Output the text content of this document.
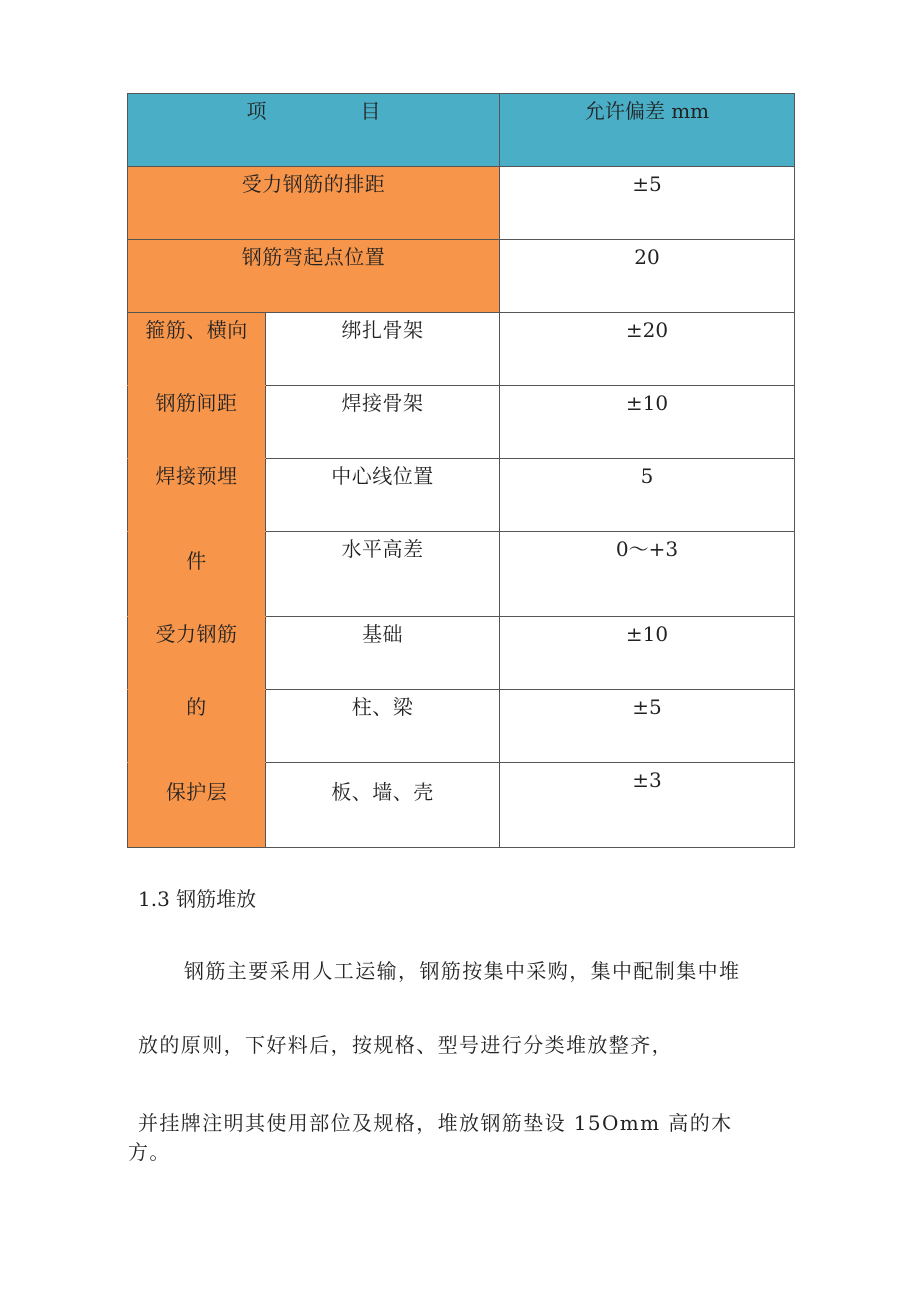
项 目		允许偏差 mm

受力钢筋的排距		±5

钢筋弯起点位置		20

箍筋、横向	绑扎骨架	±20

钢筋间距	焊接骨架	±10

焊接预埋	中心线位置	5

件	水平高差	0～+3

受力钢筋	基础	±10

的	柱、梁	±5

保护层	板、墙、壳	±3
1.3 钢筋堆放
钢筋主要采用人工运输，钢筋按集中采购，集中配制集中堆
放的原则，下好料后，按规格、型号进行分类堆放整齐，
并挂牌注明其使用部位及规格，堆放钢筋垫设 15Omm 高的木
方。
